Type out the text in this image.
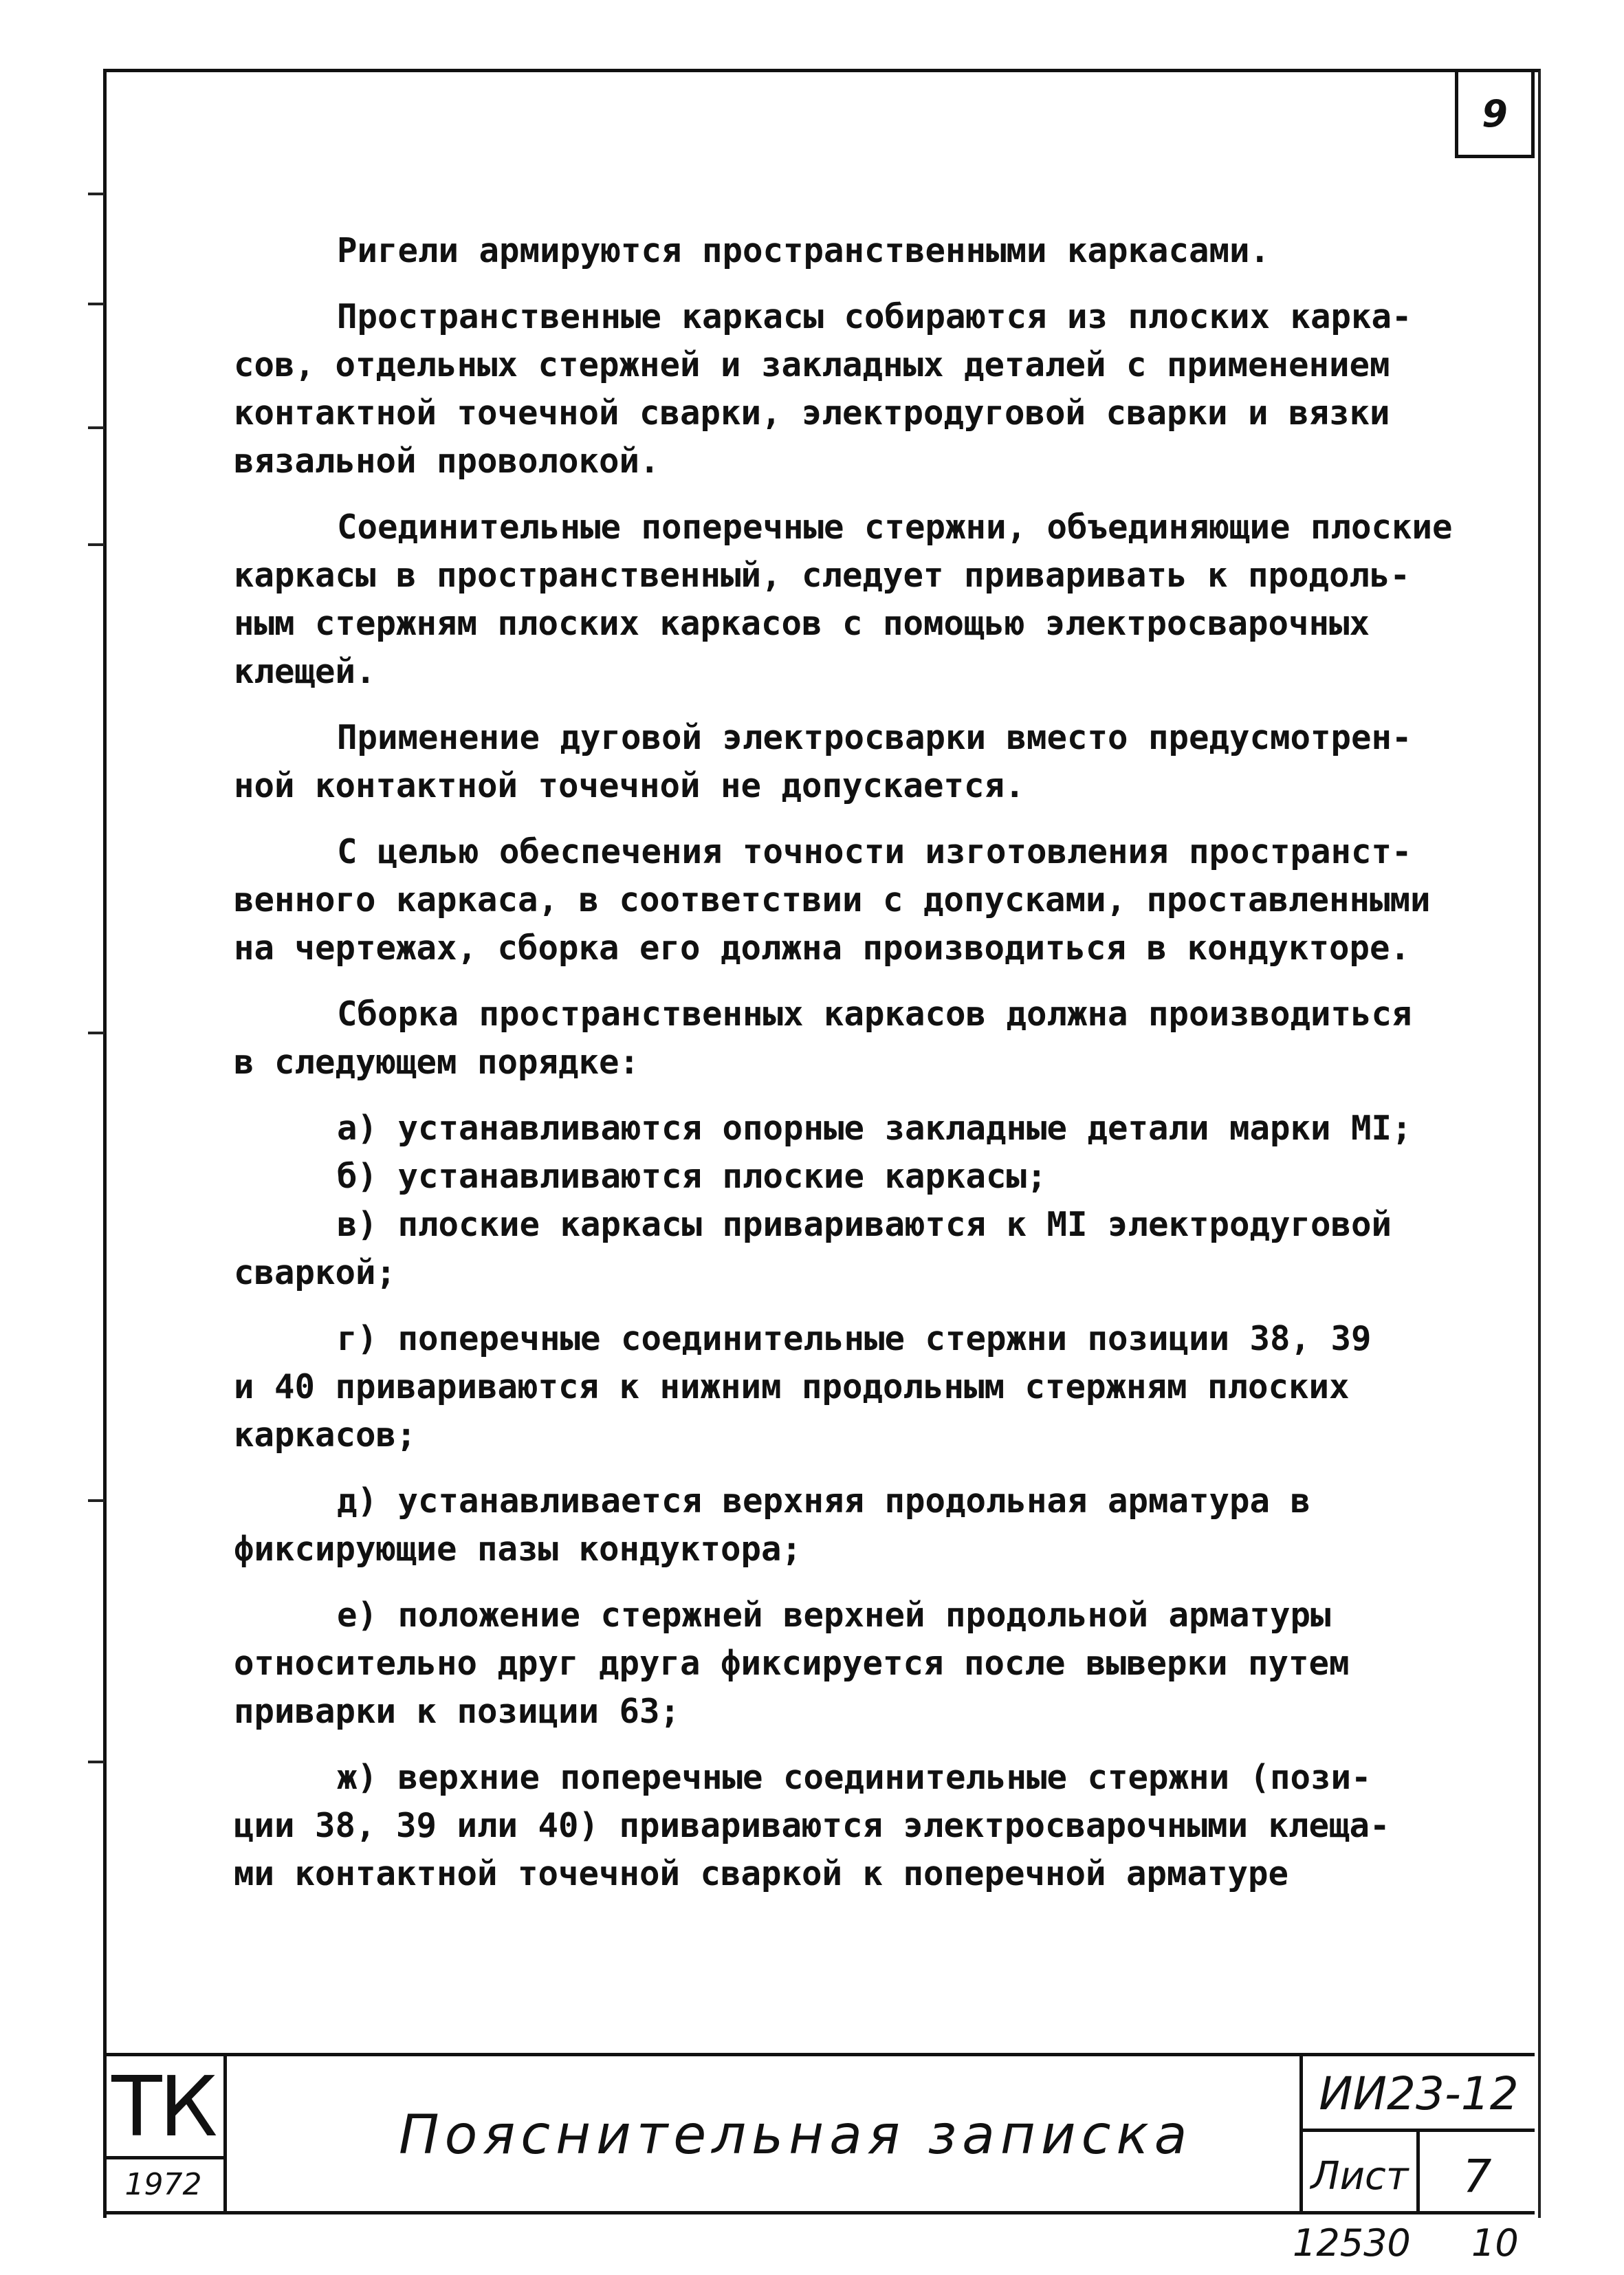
9

Ригели армируются пространственными каркасами.

Пространственные каркасы собираются из плоских карка-

сов, отдельных стержней и закладных деталей с применением

контактной точечной сварки, электродуговой сварки и вязки

вязальной проволокой.

Соединительные поперечные стержни, объединяющие плоские

каркасы в пространственный, следует приваривать к продоль-

ным стержням плоских каркасов с помощью электросварочных

клещей.

Применение дуговой электросварки вместо предусмотрен-

ной контактной точечной не допускается.

С целью обеспечения точности изготовления пространст-

венного каркаса, в соответствии с допусками, проставленными

на чертежах, сборка его должна производиться в кондукторе.

Сборка пространственных каркасов должна производиться

в следующем порядке:

а) устанавливаются опорные закладные детали марки МI;

б) устанавливаются плоские каркасы;

в) плоские каркасы привариваются к МI электродуговой

сваркой;

г) поперечные соединительные стержни позиции 38, 39

и 40 привариваются к нижним продольным стержням плоских

каркасов;

д) устанавливается верхняя продольная арматура в

фиксирующие пазы кондуктора;

е) положение стержней верхней продольной арматуры

относительно друг друга фиксируется после выверки путем

приварки к позиции 63;

ж) верхние поперечные соединительные стержни (пози-

ции 38, 39 или 40) привариваются электросварочными клеща-

ми контактной точечной сваркой к поперечной арматуре

ТК
1972
Пояснительная записка
ИИ23-12
Лист	7
12530 10
